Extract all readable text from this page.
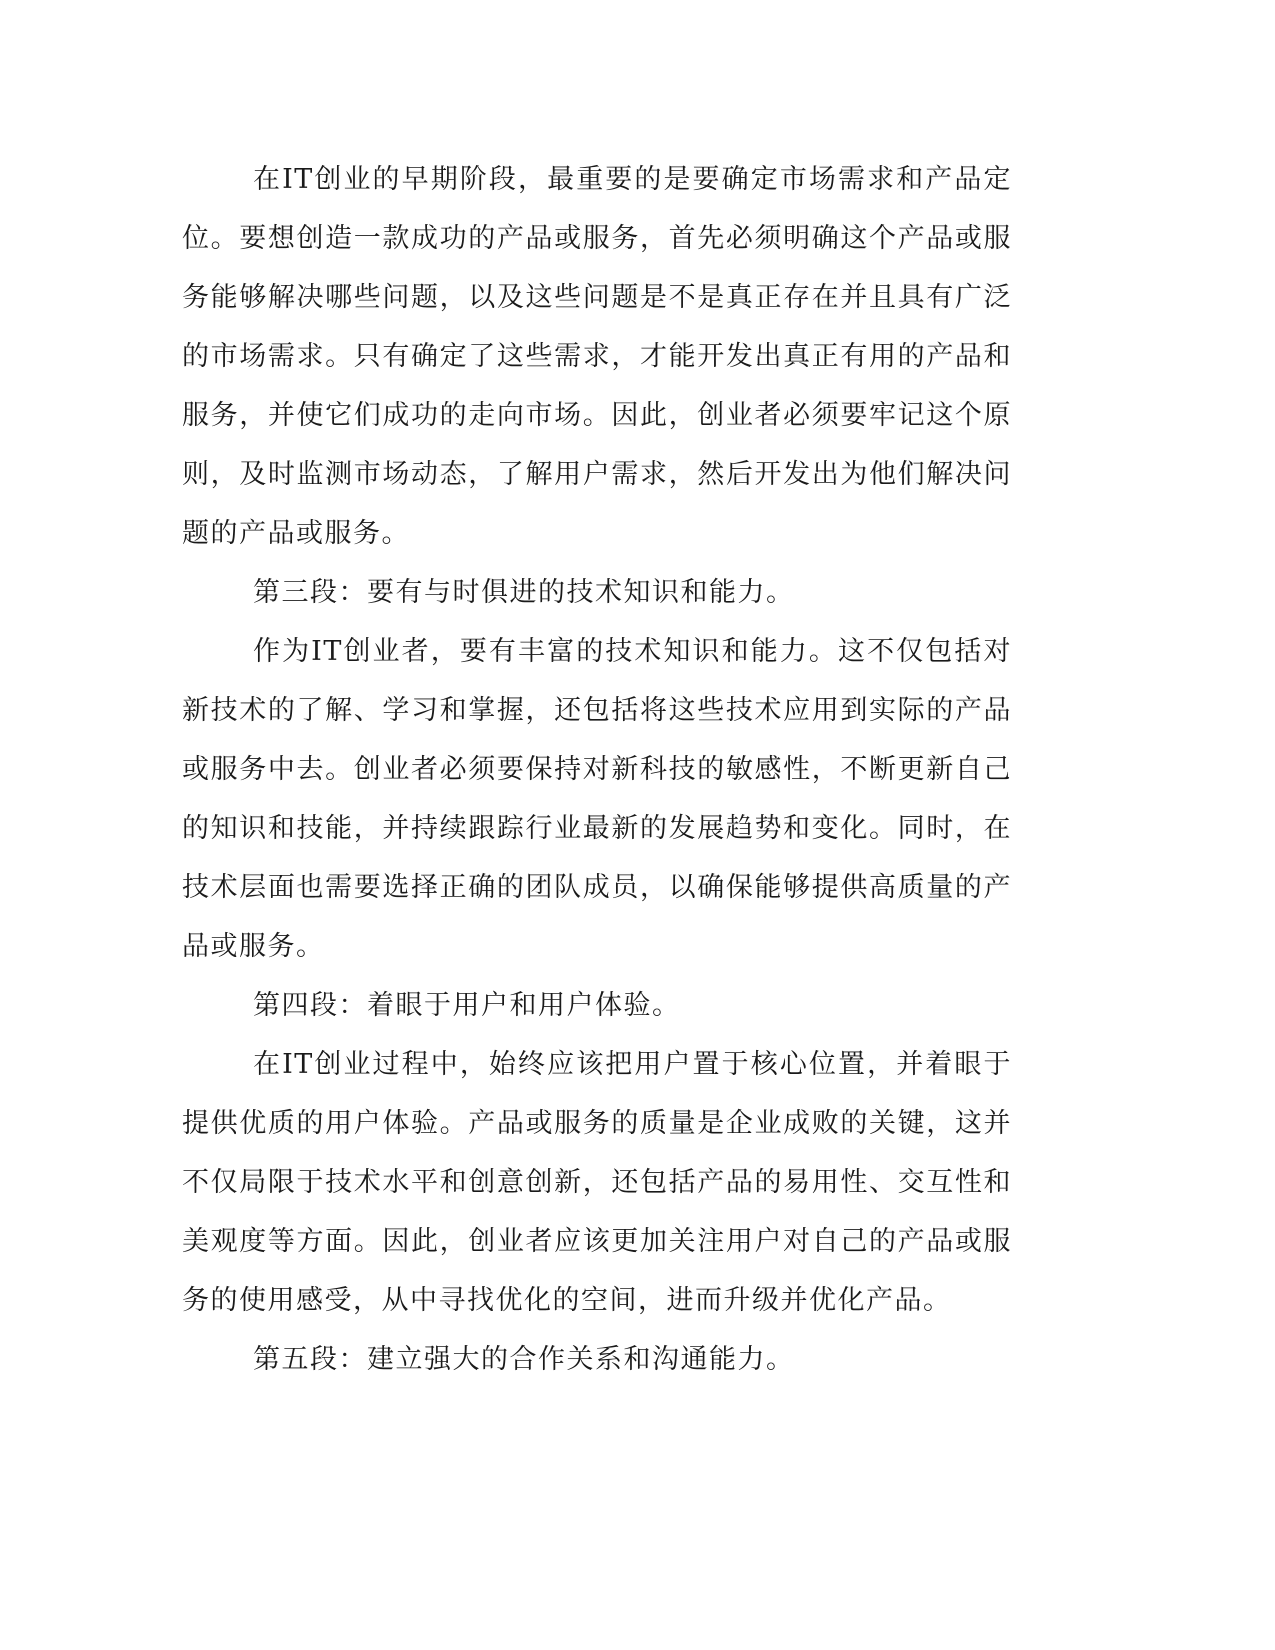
在IT创业的早期阶段，最重要的是要确定市场需求和产品定位。要想创造一款成功的产品或服务，首先必须明确这个产品或服务能够解决哪些问题，以及这些问题是不是真正存在并且具有广泛的市场需求。只有确定了这些需求，才能开发出真正有用的产品和服务，并使它们成功的走向市场。因此，创业者必须要牢记这个原则，及时监测市场动态，了解用户需求，然后开发出为他们解决问题的产品或服务。

第三段：要有与时俱进的技术知识和能力。

作为IT创业者，要有丰富的技术知识和能力。这不仅包括对新技术的了解、学习和掌握，还包括将这些技术应用到实际的产品或服务中去。创业者必须要保持对新科技的敏感性，不断更新自己的知识和技能，并持续跟踪行业最新的发展趋势和变化。同时，在技术层面也需要选择正确的团队成员，以确保能够提供高质量的产品或服务。

第四段：着眼于用户和用户体验。

在IT创业过程中，始终应该把用户置于核心位置，并着眼于提供优质的用户体验。产品或服务的质量是企业成败的关键，这并不仅局限于技术水平和创意创新，还包括产品的易用性、交互性和美观度等方面。因此，创业者应该更加关注用户对自己的产品或服务的使用感受，从中寻找优化的空间，进而升级并优化产品。

第五段：建立强大的合作关系和沟通能力。
